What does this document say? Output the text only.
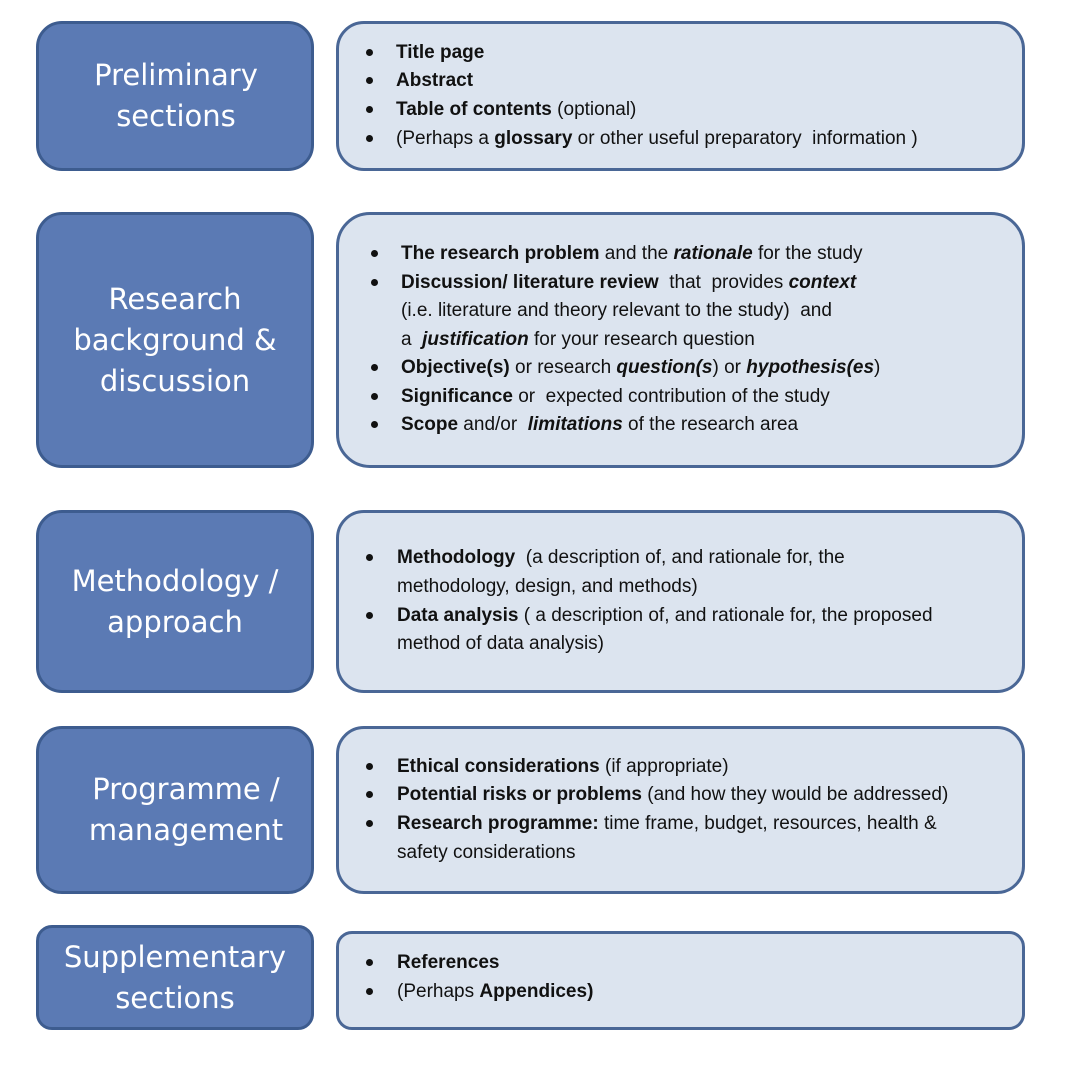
Preliminary
sections
Title page
Abstract
Table of contents (optional)
(Perhaps a glossary or other useful preparatory  information )
Research
background &
discussion
The research problem and the rationale for the study
Discussion/ literature review  that  provides context
(i.e. literature and theory relevant to the study)  and
a  justification for your research question
Objective(s) or research question(s) or hypothesis(es)
Significance or  expected contribution of the study
Scope and/or  limitations of the research area
Methodology /
approach
Methodology  (a description of, and rationale for, the
methodology, design, and methods)
Data analysis ( a description of, and rationale for, the proposed
method of data analysis)
Programme /
management
Ethical considerations (if appropriate)
Potential risks or problems (and how they would be addressed)
Research programme: time frame, budget, resources, health &
safety considerations
Supplementary
sections
References
(Perhaps Appendices)
